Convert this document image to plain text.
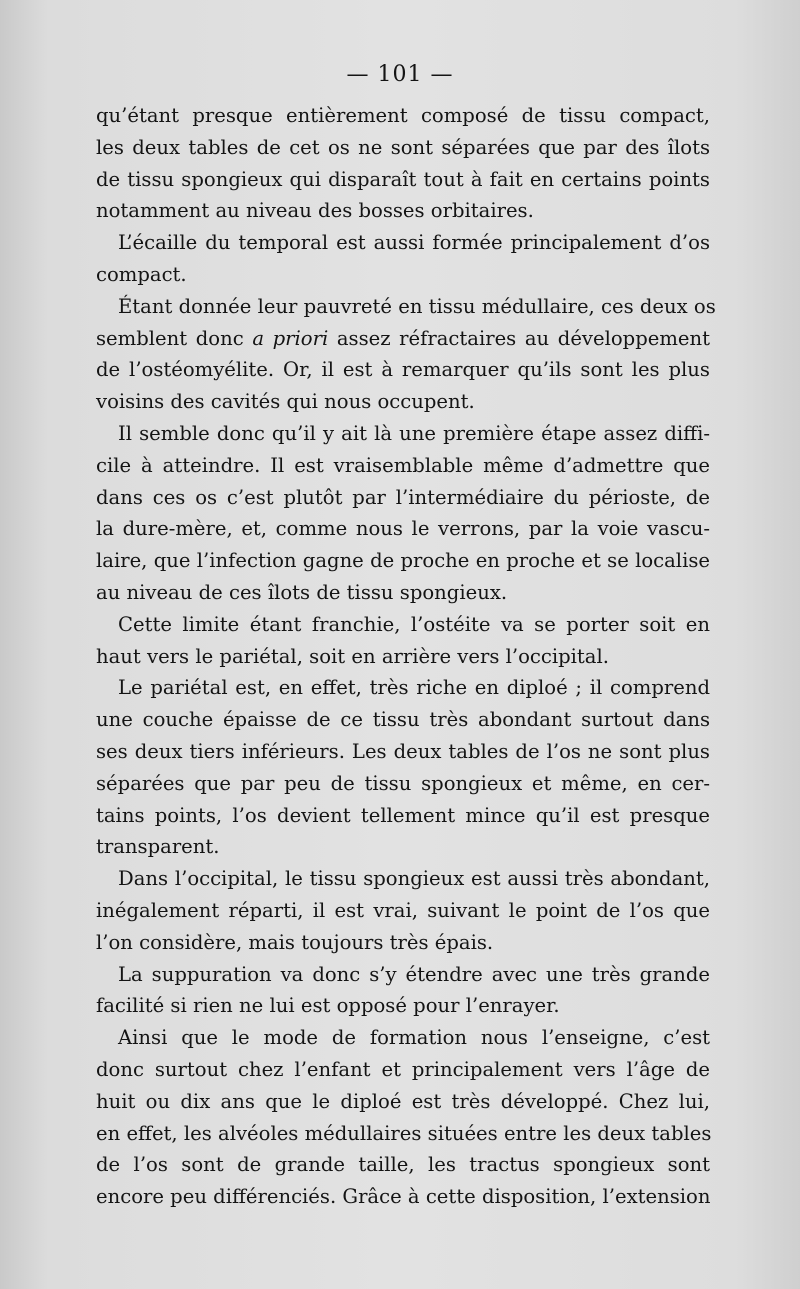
— 101 —
qu’étant presque entièrement composé de tissu compact,
les deux tables de cet os ne sont séparées que par des îlots
de tissu spongieux qui disparaît tout à fait en certains points
notamment au niveau des bosses orbitaires.
L’écaille du temporal est aussi formée principalement d’os
compact.
Étant donnée leur pauvreté en tissu médullaire, ces deux os
semblent donc a priori assez réfractaires au développement
de l’ostéomyélite. Or, il est à remarquer qu’ils sont les plus
voisins des cavités qui nous occupent.
Il semble donc qu’il y ait là une première étape assez diffi-
cile à atteindre. Il est vraisemblable même d’admettre que
dans ces os c’est plutôt par l’intermédiaire du périoste, de
la dure-mère, et, comme nous le verrons, par la voie vascu-
laire, que l’infection gagne de proche en proche et se localise
au niveau de ces îlots de tissu spongieux.
Cette limite étant franchie, l’ostéite va se porter soit en
haut vers le pariétal, soit en arrière vers l’occipital.
Le pariétal est, en effet, très riche en diploé ; il comprend
une couche épaisse de ce tissu très abondant surtout dans
ses deux tiers inférieurs. Les deux tables de l’os ne sont plus
séparées que par peu de tissu spongieux et même, en cer-
tains points, l’os devient tellement mince qu’il est presque
transparent.
Dans l’occipital, le tissu spongieux est aussi très abondant,
inégalement réparti, il est vrai, suivant le point de l’os que
l’on considère, mais toujours très épais.
La suppuration va donc s’y étendre avec une très grande
facilité si rien ne lui est opposé pour l’enrayer.
Ainsi que le mode de formation nous l’enseigne, c’est
donc surtout chez l’enfant et principalement vers l’âge de
huit ou dix ans que le diploé est très développé. Chez lui,
en effet, les alvéoles médullaires situées entre les deux tables
de l’os sont de grande taille, les tractus spongieux sont
encore peu différenciés. Grâce à cette disposition, l’extension
